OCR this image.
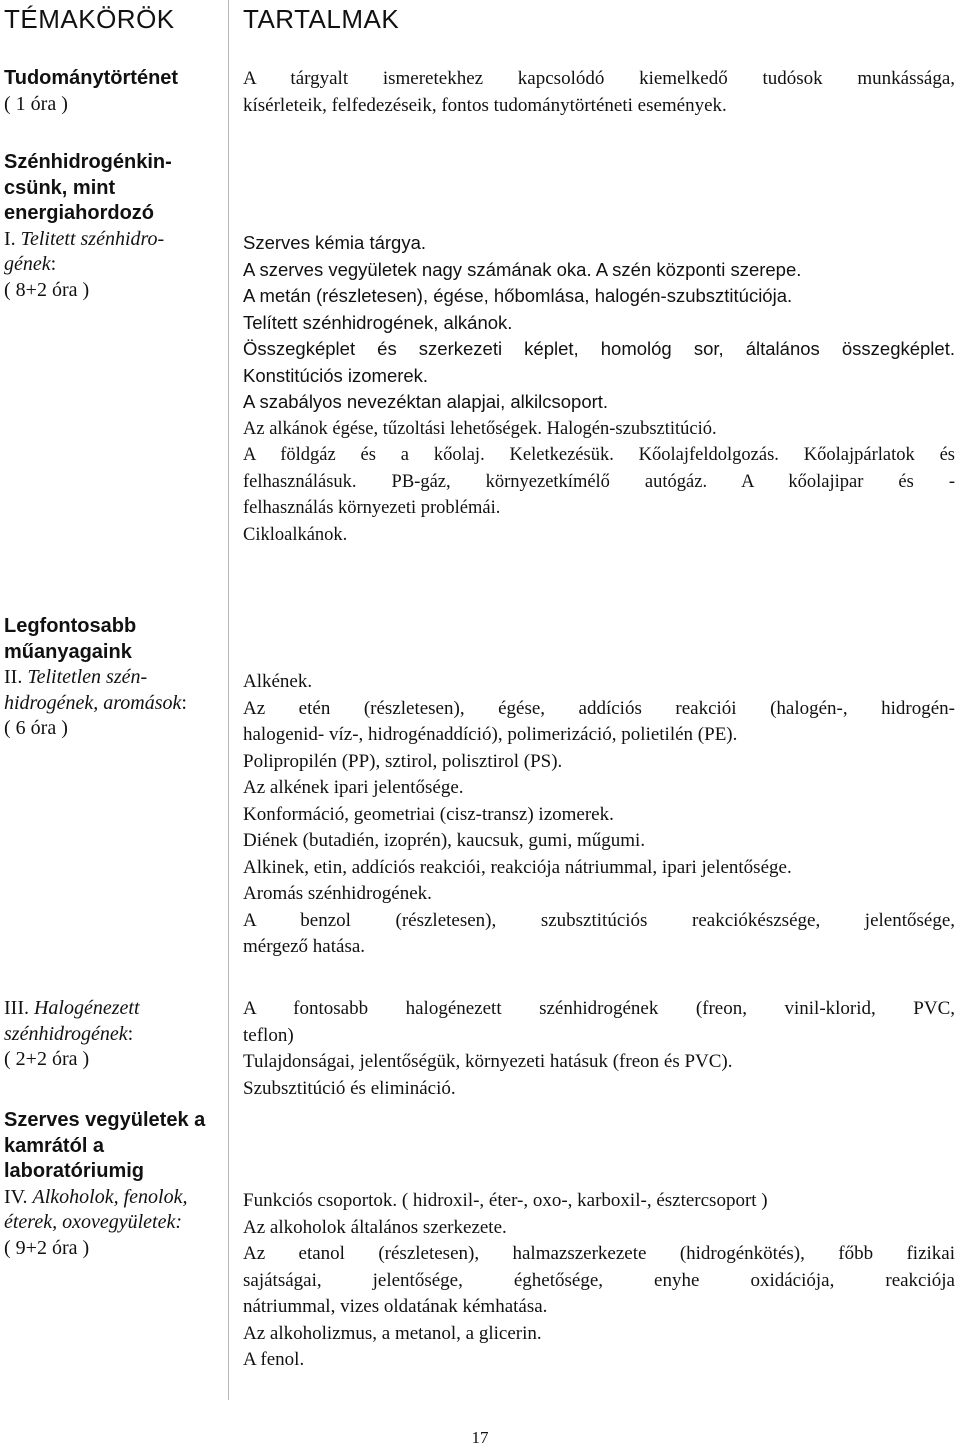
TÉMAKÖRÖK	TARTALMAK
Tudománytörténet
( 1 óra )
A tárgyalt ismeretekhez kapcsolódó kiemelkedő tudósok munkássága,
kísérleteik, felfedezéseik, fontos tudománytörténeti események.
Szénhidrogénkin-
csünk, mint
energiahordozó
I. Telitett szénhidro-
gének:
( 8+2 óra )
Szerves kémia tárgya.
A szerves vegyületek nagy számának oka. A szén központi szerepe.
A metán (részletesen), égése, hőbomlása, halogén-szubsztitúciója.
Telített szénhidrogének, alkánok.
Összegképlet és szerkezeti képlet, homológ sor, általános összegképlet.
Konstitúciós izomerek.
A szabályos nevezéktan alapjai, alkilcsoport.
Az alkánok égése, tűzoltási lehetőségek. Halogén-szubsztitúció.
A földgáz és a kőolaj. Keletkezésük. Kőolajfeldolgozás. Kőolajpárlatok és
felhasználásuk. PB-gáz, környezetkímélő autógáz. A kőolajipar és -
felhasználás környezeti problémái.
Cikloalkánok.
Legfontosabb
műanyagaink
II. Telitetlen szén-
hidrogének, aromások:
( 6 óra )
Alkének.
Az etén (részletesen), égése, addíciós reakciói (halogén-, hidrogén-
halogenid- víz-, hidrogénaddíció), polimerizáció, polietilén (PE).
Polipropilén (PP), sztirol, polisztirol (PS).
Az alkének ipari jelentősége.
Konformáció, geometriai (cisz-transz) izomerek.
Diének (butadién, izoprén), kaucsuk, gumi, műgumi.
Alkinek, etin, addíciós reakciói, reakciója nátriummal, ipari jelentősége.
Aromás szénhidrogének.
A benzol (részletesen), szubsztitúciós reakciókészsége, jelentősége,
mérgező hatása.
III. Halogénezett
szénhidrogének:
( 2+2 óra )
A fontosabb halogénezett szénhidrogének (freon, vinil-klorid, PVC,
teflon)
Tulajdonságai, jelentőségük, környezeti hatásuk (freon és PVC).
Szubsztitúció és elimináció.
Szerves vegyületek a
kamrától a
laboratóriumig
IV. Alkoholok, fenolok,
éterek, oxovegyületek:
( 9+2 óra )
Funkciós csoportok. ( hidroxil-, éter-, oxo-, karboxil-, észtercsoport )
Az alkoholok általános szerkezete.
Az etanol (részletesen), halmazszerkezete (hidrogénkötés), főbb fizikai
sajátságai, jelentősége, éghetősége, enyhe oxidációja, reakciója
nátriummal, vizes oldatának kémhatása.
Az alkoholizmus, a metanol, a glicerin.
A fenol.
17
